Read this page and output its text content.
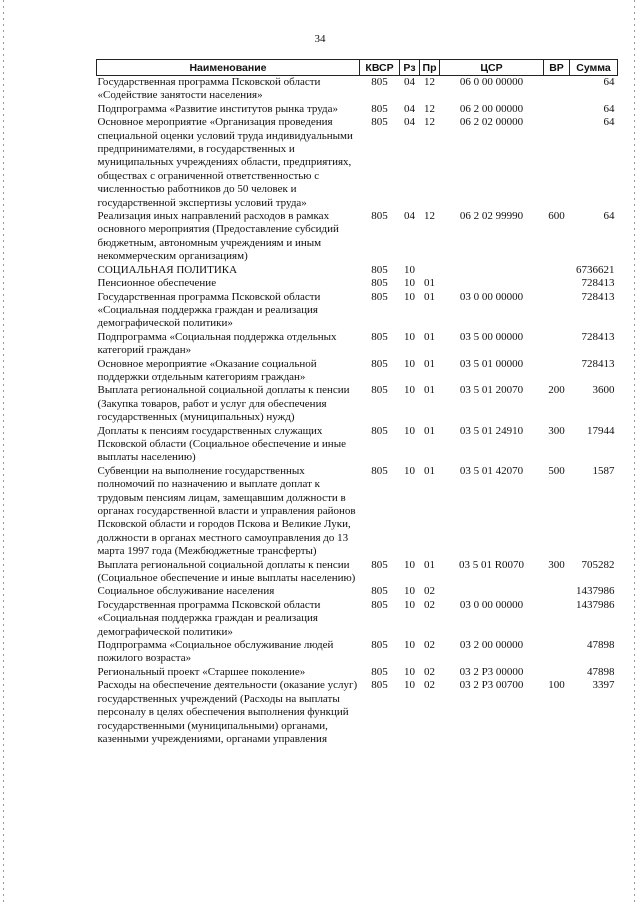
34
Наименование	КВСР	Рз	Пр	ЦСР	ВР	Сумма
Государственная программа Псковской области «Содействие занятости населения»	805	04	12	06 0 00 00000		64
Подпрограмма «Развитие институтов рынка труда»	805	04	12	06 2 00 00000		64
Основное мероприятие «Организация проведения специальной оценки условий труда индивидуальными предпринимателями, в государственных и муниципальных учреждениях области, предприятиях, обществах с ограниченной ответственностью с численностью работников до 50 человек и государственной экспертизы условий труда»	805	04	12	06 2 02 00000		64
Реализация иных направлений расходов в рамках основного мероприятия (Предоставление субсидий бюджетным, автономным учреждениям и иным некоммерческим организациям)	805	04	12	06 2 02 99990	600	64
СОЦИАЛЬНАЯ ПОЛИТИКА	805	10				6736621
Пенсионное обеспечение	805	10	01			728413
Государственная программа Псковской области «Социальная поддержка граждан и реализация демографической политики»	805	10	01	03 0 00 00000		728413
Подпрограмма «Социальная поддержка отдельных категорий граждан»	805	10	01	03 5 00 00000		728413
Основное мероприятие «Оказание социальной поддержки отдельным категориям граждан»	805	10	01	03 5 01 00000		728413
Выплата региональной социальной доплаты к пенсии (Закупка товаров, работ и услуг для обеспечения государственных (муниципальных) нужд)	805	10	01	03 5 01 20070	200	3600
Доплаты к пенсиям государственных служащих Псковской области (Социальное обеспечение и иные выплаты населению)	805	10	01	03 5 01 24910	300	17944
Субвенции на выполнение государственных полномочий по назначению и выплате доплат к трудовым пенсиям лицам, замещавшим должности в органах государственной власти и управления районов Псковской области и городов Пскова и Великие Луки, должности в органах местного самоуправления до 13 марта 1997 года (Межбюджетные трансферты)	805	10	01	03 5 01 42070	500	1587
Выплата региональной социальной доплаты к пенсии (Социальное обеспечение и иные выплаты населению)	805	10	01	03 5 01 R0070	300	705282
Социальное обслуживание населения	805	10	02			1437986
Государственная программа Псковской области «Социальная поддержка граждан и реализация демографической политики»	805	10	02	03 0 00 00000		1437986
Подпрограмма «Социальное обслуживание людей пожилого возраста»	805	10	02	03 2 00 00000		47898
Региональный проект «Старшее поколение»	805	10	02	03 2 P3 00000		47898
Расходы на обеспечение деятельности (оказание услуг) государственных учреждений (Расходы на выплаты персоналу в целях обеспечения выполнения функций государственными (муниципальными) органами, казенными учреждениями, органами управления	805	10	02	03 2 P3 00700	100	3397
